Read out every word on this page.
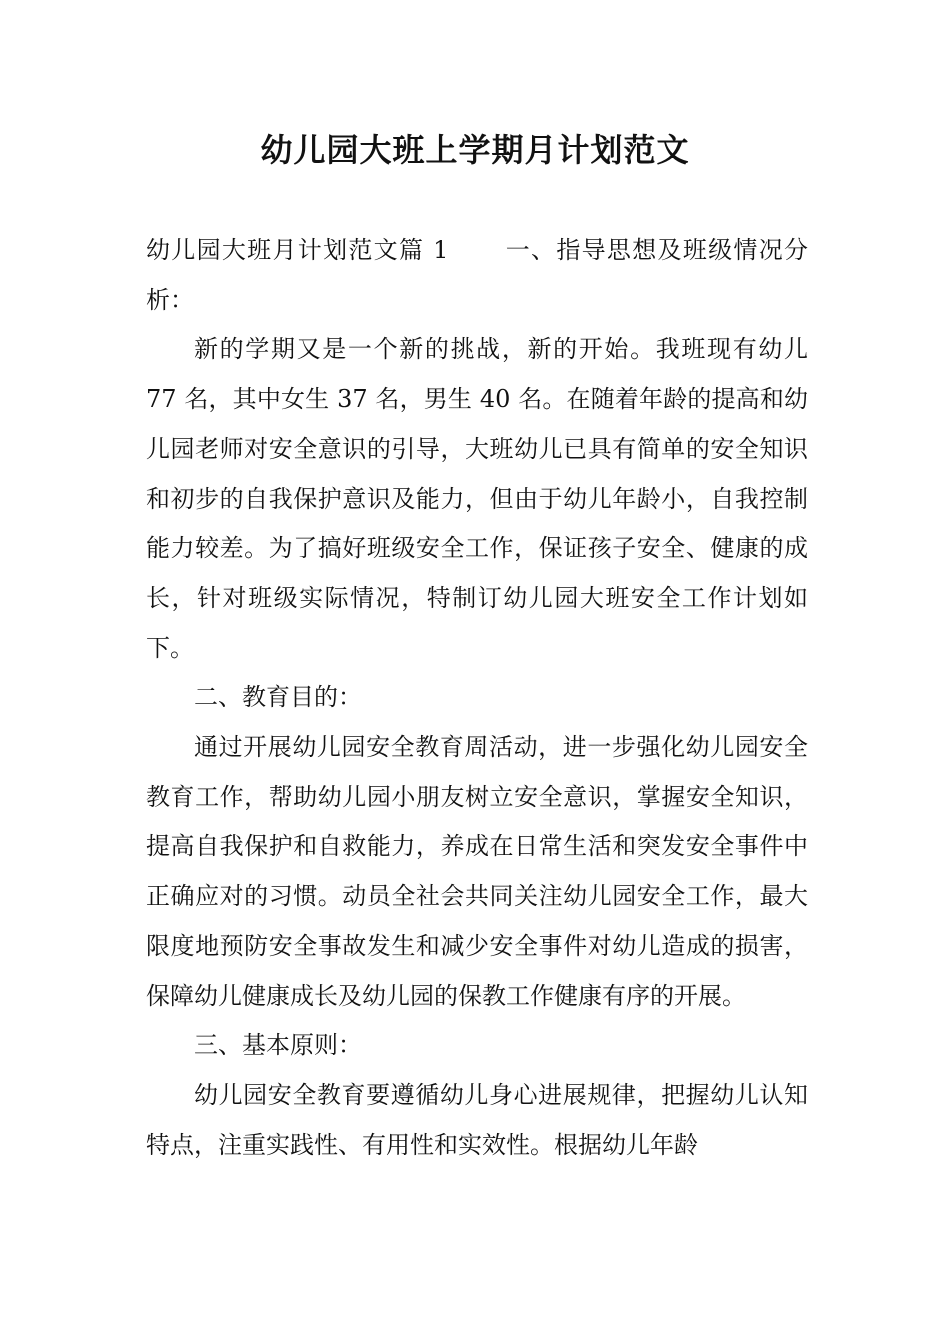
幼儿园大班上学期月计划范文

幼儿园大班月计划范文篇 1 一、指导思想及班级情况分析：

新的学期又是一个新的挑战，新的开始。我班现有幼儿 77 名，其中女生 37 名，男生 40 名。在随着年龄的提高和幼儿园老师对安全意识的引导，大班幼儿已具有简单的安全知识和初步的自我保护意识及能力，但由于幼儿年龄小，自我控制能力较差。为了搞好班级安全工作，保证孩子安全、健康的成长，针对班级实际情况，特制订幼儿园大班安全工作计划如下。

二、教育目的：

通过开展幼儿园安全教育周活动，进一步强化幼儿园安全教育工作，帮助幼儿园小朋友树立安全意识，掌握安全知识，提高自我保护和自救能力，养成在日常生活和突发安全事件中正确应对的习惯。动员全社会共同关注幼儿园安全工作，最大限度地预防安全事故发生和减少安全事件对幼儿造成的损害，保障幼儿健康成长及幼儿园的保教工作健康有序的开展。

三、基本原则：

幼儿园安全教育要遵循幼儿身心进展规律，把握幼儿认知特点，注重实践性、有用性和实效性。根据幼儿年龄
